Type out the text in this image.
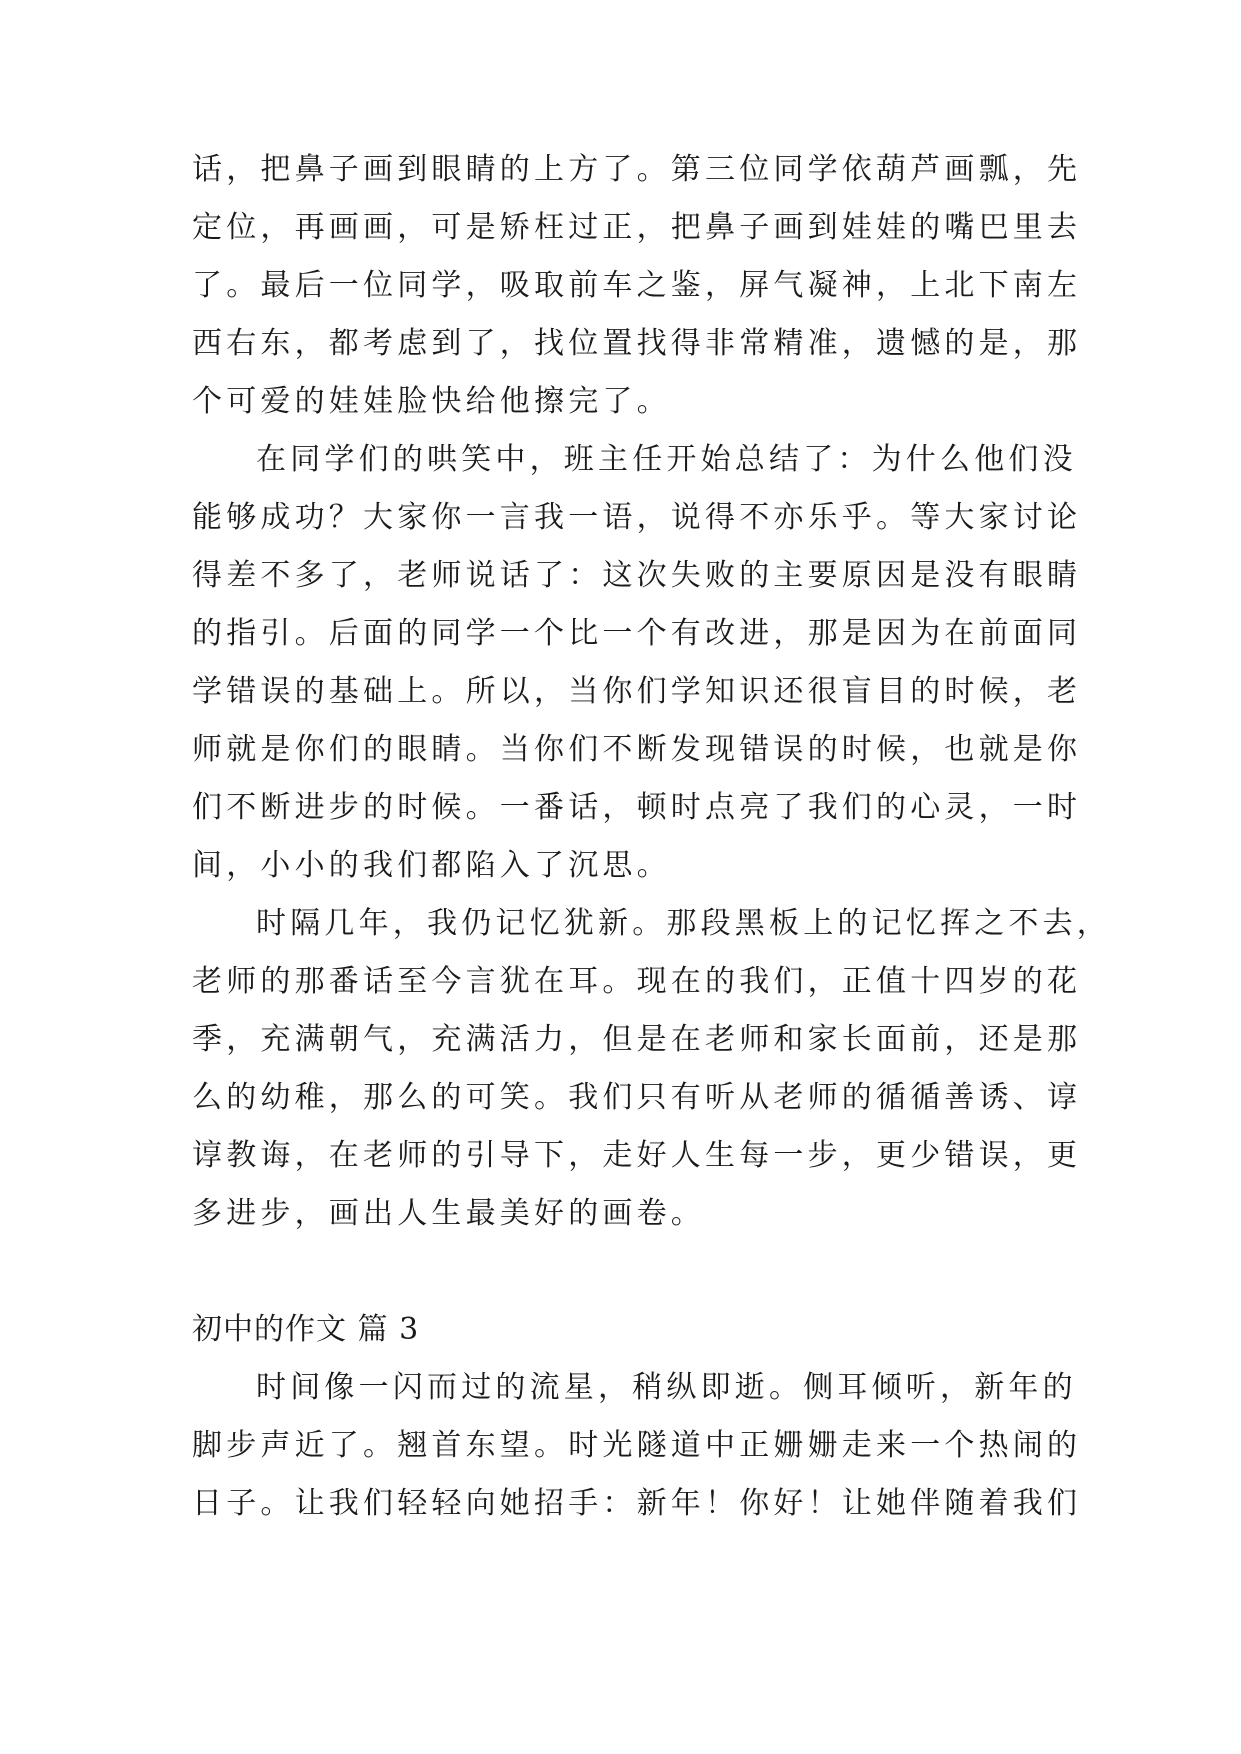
话，把鼻子画到眼睛的上方了。第三位同学依葫芦画瓢，先
定位，再画画，可是矫枉过正，把鼻子画到娃娃的嘴巴里去
了。最后一位同学，吸取前车之鉴，屏气凝神，上北下南左
西右东，都考虑到了，找位置找得非常精准，遗憾的是，那
个可爱的娃娃脸快给他擦完了。
在同学们的哄笑中，班主任开始总结了：为什么他们没
能够成功？大家你一言我一语，说得不亦乐乎。等大家讨论
得差不多了，老师说话了：这次失败的主要原因是没有眼睛
的指引。后面的同学一个比一个有改进，那是因为在前面同
学错误的基础上。所以，当你们学知识还很盲目的时候，老
师就是你们的眼睛。当你们不断发现错误的时候，也就是你
们不断进步的时候。一番话，顿时点亮了我们的心灵，一时
间，小小的我们都陷入了沉思。
时隔几年，我仍记忆犹新。那段黑板上的记忆挥之不去，
老师的那番话至今言犹在耳。现在的我们，正值十四岁的花
季，充满朝气，充满活力，但是在老师和家长面前，还是那
么的幼稚，那么的可笑。我们只有听从老师的循循善诱、谆
谆教诲，在老师的引导下，走好人生每一步，更少错误，更
多进步，画出人生最美好的画卷。
初中的作文 篇 3
时间像一闪而过的流星，稍纵即逝。侧耳倾听，新年的
脚步声近了。翘首东望。时光隧道中正姗姗走来一个热闹的
日子。让我们轻轻向她招手：新年！你好！让她伴随着我们
